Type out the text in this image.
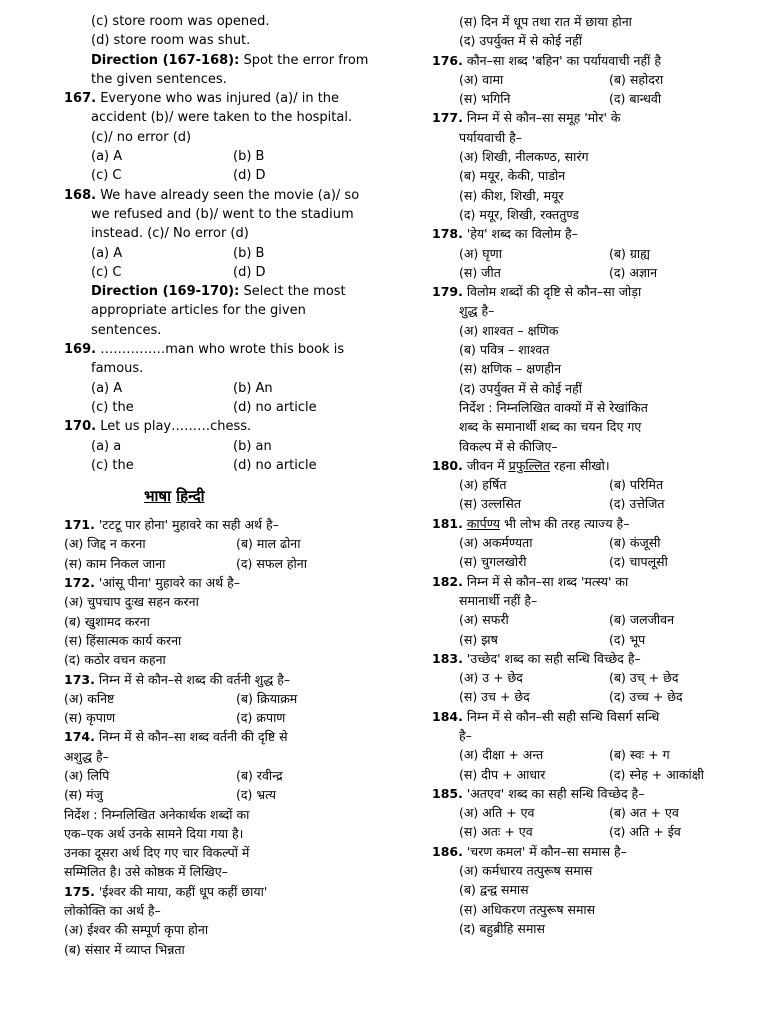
(c) store room was opened.
(d) store room was shut.
Direction (167-168): Spot the error from
the given sentences.
167. Everyone who was injured (a)/ in the
accident (b)/ were taken to the hospital.
(c)/ no error (d)
(a) A	(b) B
(c) C	(d) D
168. We have already seen the movie (a)/ so
we refused and (b)/ went to the stadium
instead. (c)/ No error (d)
(a) A	(b) B
(c) C	(d) D
Direction (169-170): Select the most
appropriate articles for the given
sentences.
169. ……………man who wrote this book is
famous.
(a) A	(b) An
(c) the	(d) no article
170. Let us play………chess.
(a) a	(b) an
(c) the	(d) no article
भाषा हिन्दी
171. 'टटटू पार होना' मुहावरे का सही अर्थ है–
(अ) जिद्द न करना	(ब) माल ढोना
(स) काम निकल जाना	(द) सफल होना
172. 'आंसू पीना' मुहावरे का अर्थ है–
(अ) चुपचाप दुःख सहन करना
(ब) खुशामद करना
(स) हिंसात्मक कार्य करना
(द) कठोर वचन कहना
173. निम्न में से कौन–से शब्द की वर्तनी शुद्ध है–
(अ) कनिष्ट	(ब) क्रियाक्रम
(स) कृपाण	(द) क्रपाण
174. निम्न में से कौन–सा शब्द वर्तनी की दृष्टि से
अशुद्ध है–
(अ) लिपि	(ब) रवीन्द्र
(स) मंजु	(द) भ्रत्य
निर्देश : निम्नलिखित अनेकार्थक शब्दों का
एक–एक अर्थ उनके सामने दिया गया है।
उनका दूसरा अर्थ दिए गए चार विकल्पों में
सम्मिलित है। उसे कोष्ठक में लिखिए–
175. 'ईश्वर की माया, कहीं धूप कहीं छाया'
लोकोक्ति का अर्थ है–
(अ) ईश्वर की सम्पूर्ण कृपा होना
(ब) संसार में व्याप्त भिन्नता
(स) दिन में धूप तथा रात में छाया होना
(द) उपर्युक्त में से कोई नहीं
176. कौन–सा शब्द 'बहिन' का पर्यायवाची नहीं है
(अ) वामा	(ब) सहोदरा
(स) भगिनि	(द) बान्धवी
177. निम्न में से कौन–सा समूह 'मोर' के
पर्यायवाची है–
(अ) शिखी, नीलकण्ठ, सारंग
(ब) मयूर, केकी, पाडोन
(स) कीश, शिखी, मयूर
(द) मयूर, शिखी, रक्ततुण्ड
178. 'हेय' शब्द का विलोम है–
(अ) घृणा	(ब) ग्राह्य
(स) जीत	(द) अज्ञान
179. विलोम शब्दों की दृष्टि से कौन–सा जोड़ा
शुद्ध है–
(अ) शाश्वत – क्षणिक
(ब) पवित्र – शाश्वत
(स) क्षणिक – क्षणहीन
(द) उपर्युक्त में से कोई नहीं
निर्देश : निम्नलिखित वाक्यों में से रेखांकित
शब्द के समानार्थी शब्द का चयन दिए गए
विकल्प में से कीजिए–
180. जीवन में प्रफुल्लित रहना सीखो।
(अ) हर्षित	(ब) परिमित
(स) उल्लसित	(द) उत्तेजित
181. कार्पण्य भी लोभ की तरह त्याज्य है–
(अ) अकर्मण्यता	(ब) कंजूसी
(स) चुगलखोरी	(द) चापलूसी
182. निम्न में से कौन–सा शब्द 'मत्स्य' का
समानार्थी नहीं है–
(अ) सफरी	(ब) जलजीवन
(स) झष	(द) भूप
183. 'उच्छेद' शब्द का सही सन्धि विच्छेद है–
(अ) उ + छेद	(ब) उच् + छेद
(स) उच + छेद	(द) उच्च + छेद
184. निम्न में से कौन–सी सही सन्धि विसर्ग सन्धि
है–
(अ) दीक्षा + अन्त	(ब) स्वः + ग
(स) दीप + आधार	(द) स्नेह + आकांक्षी
185. 'अतएव' शब्द का सही सन्धि विच्छेद है–
(अ) अति + एव	(ब) अत + एव
(स) अतः + एव	(द) अति + ईव
186. 'चरण कमल' में कौन–सा समास है–
(अ) कर्मधारय तत्पुरूष समास
(ब) द्वन्द्व समास
(स) अधिकरण तत्पुरूष समास
(द) बहुब्रीहि समास
